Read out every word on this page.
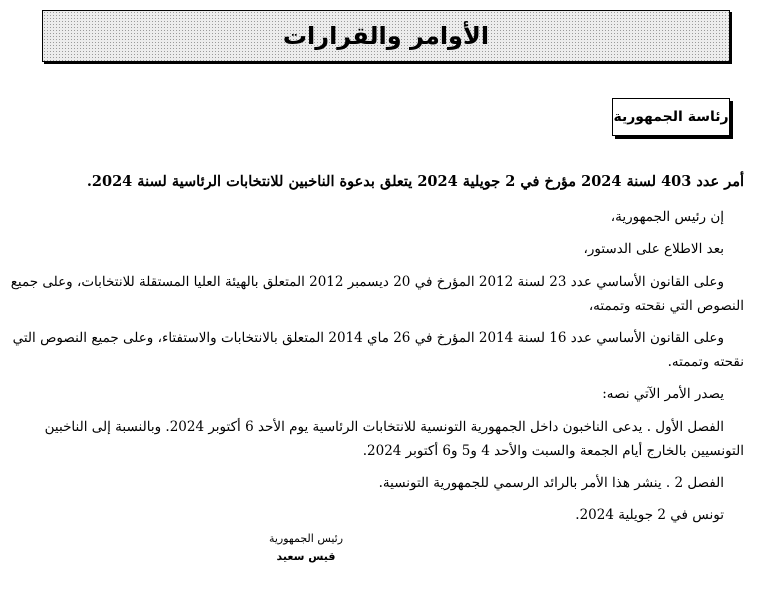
الأوامر والقرارات
رئاسة الجمهورية
أمر عدد 403 لسنة 2024 مؤرخ في 2 جويلية 2024 يتعلق بدعوة الناخبين للانتخابات الرئاسية لسنة 2024.
إن رئيس الجمهورية،
بعد الاطلاع على الدستور،
وعلى القانون الأساسي عدد 23 لسنة 2012 المؤرخ في 20 ديسمبر 2012 المتعلق بالهيئة العليا المستقلة للانتخابات، وعلى جميع
النصوص التي نقحته وتممته،
وعلى القانون الأساسي عدد 16 لسنة 2014 المؤرخ في 26 ماي 2014 المتعلق بالانتخابات والاستفتاء، وعلى جميع النصوص التي
نقحته وتممته.
يصدر الأمر الآتي نصه:
الفصل الأول . يدعى الناخبون داخل الجمهورية التونسية للانتخابات الرئاسية يوم الأحد 6 أكتوبر 2024. وبالنسبة إلى الناخبين
التونسيين بالخارج أيام الجمعة والسبت والأحد 4 و5 و6 أكتوبر 2024.
الفصل 2 . ينشر هذا الأمر بالرائد الرسمي للجمهورية التونسية.
تونس في 2 جويلية 2024.
رئيس الجمهورية
قيس سعيد
